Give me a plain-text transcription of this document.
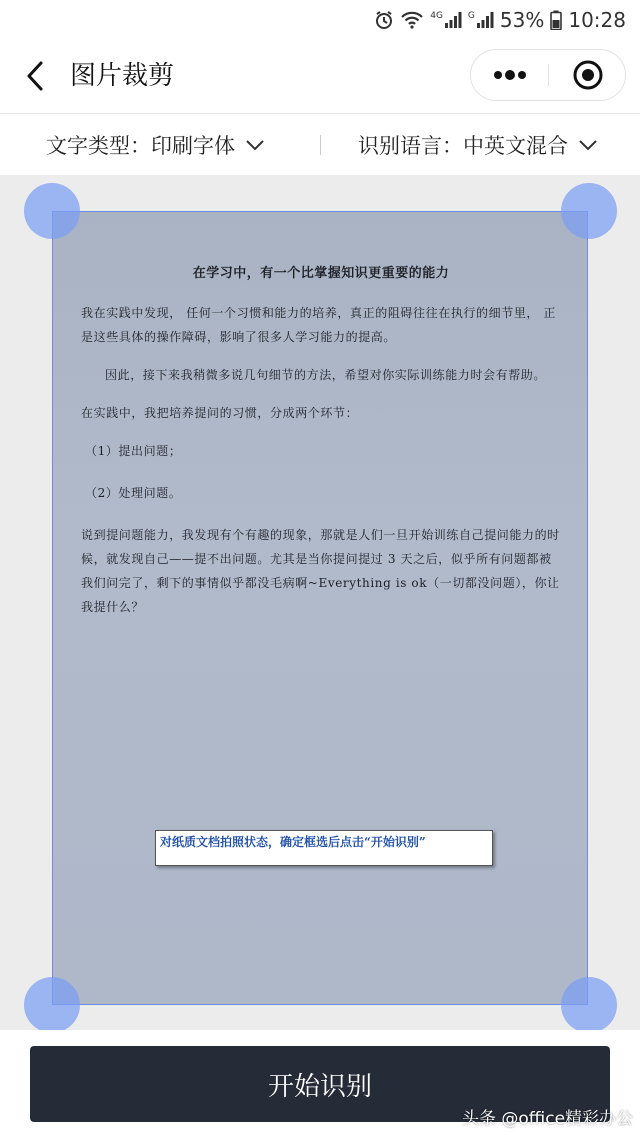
4G	G 53% 10:28
图片裁剪
文字类型：印刷字体	识别语言：中英文混合
在学习中，有一个比掌握知识更重要的能力

我在实践中发现， 任何一个习惯和能力的培养，真正的阻碍往往在执行的细节里， 正是这些具体的操作障碍，影响了很多人学习能力的提高。

因此，接下来我稍微多说几句细节的方法，希望对你实际训练能力时会有帮助。

在实践中，我把培养提问的习惯，分成两个环节：

（1）提出问题；

（2）处理问题。

说到提问题能力，我发现有个有趣的现象，那就是人们一旦开始训练自己提问能力的时候，就发现自己——提不出问题。尤其是当你提问提过 3 天之后，似乎所有问题都被我们问完了，剩下的事情似乎都没毛病啊~Everything is ok（一切都没问题），你让我提什么？

对纸质文档拍照状态，确定框选后点击“开始识别”
开始识别
头条 @office精彩办公
